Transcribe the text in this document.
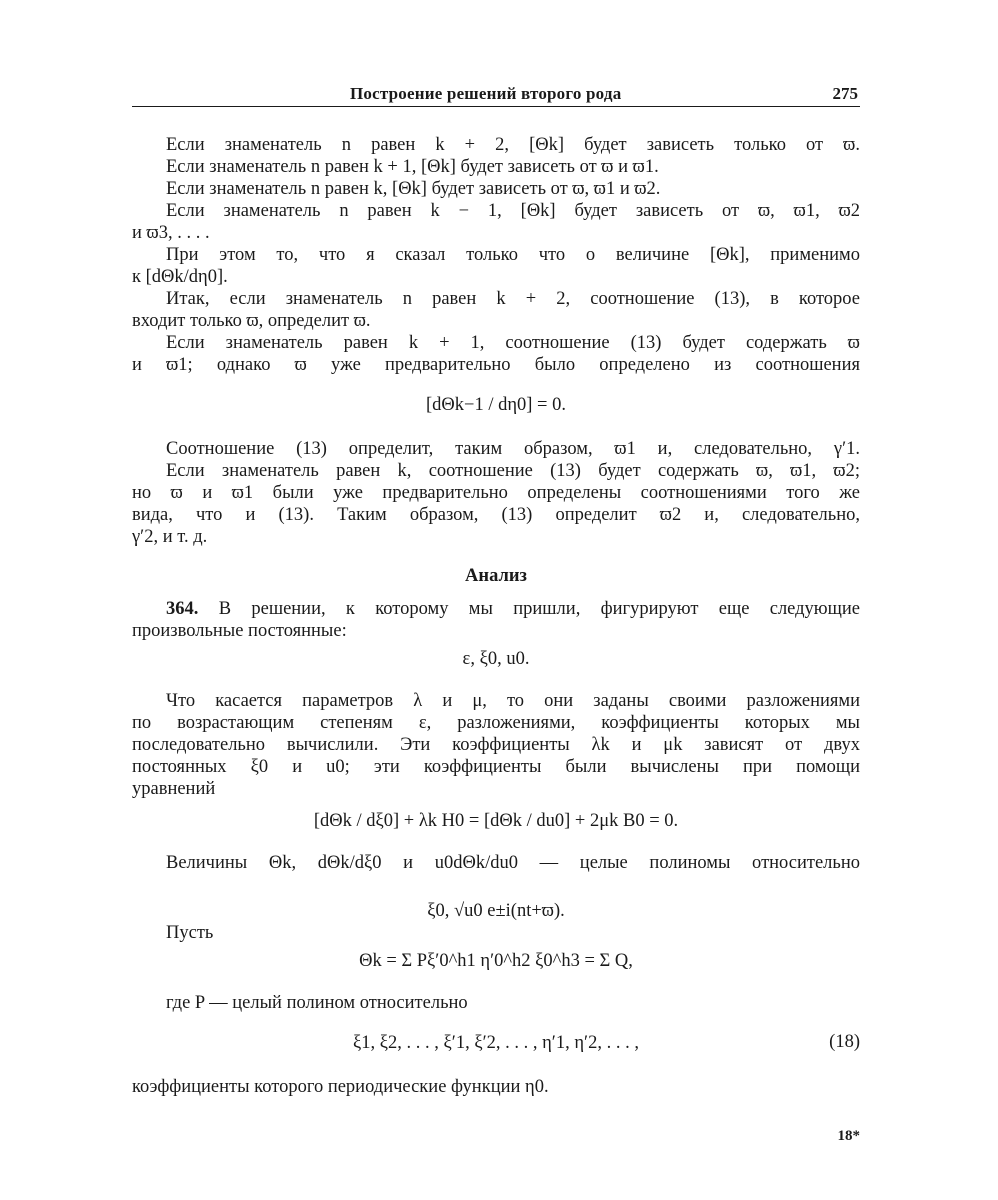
Построение решений второго рода	275
Если знаменатель n равен k + 2, [Θk] будет зависеть только от ϖ.
Если знаменатель n равен k + 1, [Θk] будет зависеть от ϖ и ϖ1.
Если знаменатель n равен k, [Θk] будет зависеть от ϖ, ϖ1 и ϖ2.
Если знаменатель n равен k − 1, [Θk] будет зависеть от ϖ, ϖ1, ϖ2
и ϖ3, . . . .
При этом то, что я сказал только что о величине [Θk], применимо
к [dΘk/dη0].
Итак, если знаменатель n равен k + 2, соотношение (13), в которое
входит только ϖ, определит ϖ.
Если знаменатель равен k + 1, соотношение (13) будет содержать ϖ
и ϖ1; однако ϖ уже предварительно было определено из соотношения
[dΘk−1 / dη0] = 0.
Соотношение (13) определит, таким образом, ϖ1 и, следовательно, γ′1.
Если знаменатель равен k, соотношение (13) будет содержать ϖ, ϖ1, ϖ2;
но ϖ и ϖ1 были уже предварительно определены соотношениями того же
вида, что и (13). Таким образом, (13) определит ϖ2 и, следовательно,
γ′2, и т. д.
Анализ
364. В решении, к которому мы пришли, фигурируют еще следующие
произвольные постоянные:
ε, ξ0, u0.
Что касается параметров λ и μ, то они заданы своими разложениями
по возрастающим степеням ε, разложениями, коэффициенты которых мы
последовательно вычислили. Эти коэффициенты λk и μk зависят от двух
постоянных ξ0 и u0; эти коэффициенты были вычислены при помощи
уравнений
[dΘk / dξ0] + λk H0 = [dΘk / du0] + 2μk B0 = 0.
Величины Θk, dΘk/dξ0 и u0dΘk/du0 — целые полиномы относительно
ξ0, √u0 e±i(nt+ϖ).
Пусть
Θk = Σ Pξ′0^h1 η′0^h2 ξ0^h3 = Σ Q,
где P — целый полином относительно
ξ1, ξ2, . . . , ξ′1, ξ′2, . . . , η′1, η′2, . . . ,	(18)
коэффициенты которого периодические функции η0.
18*
